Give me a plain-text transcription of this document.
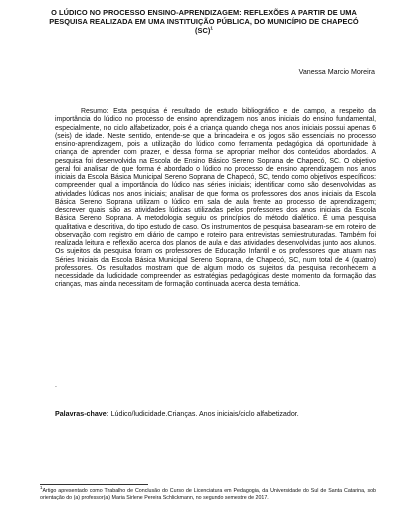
O LÚDICO NO PROCESSO ENSINO-APRENDIZAGEM: REFLEXÕES A PARTIR DE UMA PESQUISA REALIZADA EM UMA INSTITUIÇÃO PÚBLICA, DO MUNICÍPIO DE CHAPECÓ (SC)$^1$
Vanessa Marcio Moreira

Resumo: Esta pesquisa é resultado de estudo bibliográfico e de campo, a respeito da importância do lúdico no processo de ensino aprendizagem nos anos iniciais do ensino fundamental, especialmente, no ciclo alfabetizador, pois é a criança quando chega nos anos iniciais possui apenas 6 (seis) de idade. Neste sentido, entende-se que a brincadeira e os jogos são essenciais no processo ensino-aprendizagem, pois a utilização do lúdico como ferramenta pedagógica dá oportunidade à criança de aprender com prazer, e dessa forma se apropriar melhor dos conteúdos abordados. A pesquisa foi desenvolvida na Escola de Ensino Básico Sereno Soprana de Chapecó, SC. O objetivo geral foi analisar de que forma é abordado o lúdico no processo de ensino aprendizagem nos anos iniciais da Escola Básica Municipal Sereno Soprana de Chapecó, SC, tendo como objetivos específicos: compreender qual a importância do lúdico nas séries iniciais; identificar como são desenvolvidas as atividades lúdicas nos anos iniciais; analisar de que forma os professores dos anos iniciais da Escola Básica Sereno Soprana utilizam o lúdico em sala de aula frente ao processo de aprendizagem; descrever quais são as atividades lúdicas utilizadas pelos professores dos anos iniciais da Escola Básica Sereno Soprana. A metodologia seguiu os princípios do método dialético. É uma pesquisa qualitativa e descritiva, do tipo estudo de caso. Os instrumentos de pesquisa basearam-se em roteiro de observação com registro em diário de campo e roteiro para entrevistas semiestruturadas. Também foi realizada leitura e reflexão acerca dos planos de aula e das atividades desenvolvidas junto aos alunos. Os sujeitos da pesquisa foram os professores de Educação Infantil e os professores que atuam nas Séries Iniciais da Escola Básica Municipal Sereno Soprana, de Chapecó, SC, num total de 4 (quatro) professores. Os resultados mostram que de algum modo os sujeitos da pesquisa reconhecem a necessidade da ludicidade compreender as estratégias pedagógicas deste momento da formação das crianças, mas ainda necessitam de formação continuada acerca desta temática.

.

Palavras-chave: Lúdico/ludicidade.Crianças. Anos iniciais/ciclo alfabetizador.

$^1$Artigo apresentado como Trabalho de Conclusão do Curso de Licenciatura em Pedagogia, da Universidade do Sul de Santa Catarina, sob orientação do (a) professor(a) Maria Sirlene Pereira Schlickmann, no segundo semestre de 2017.
